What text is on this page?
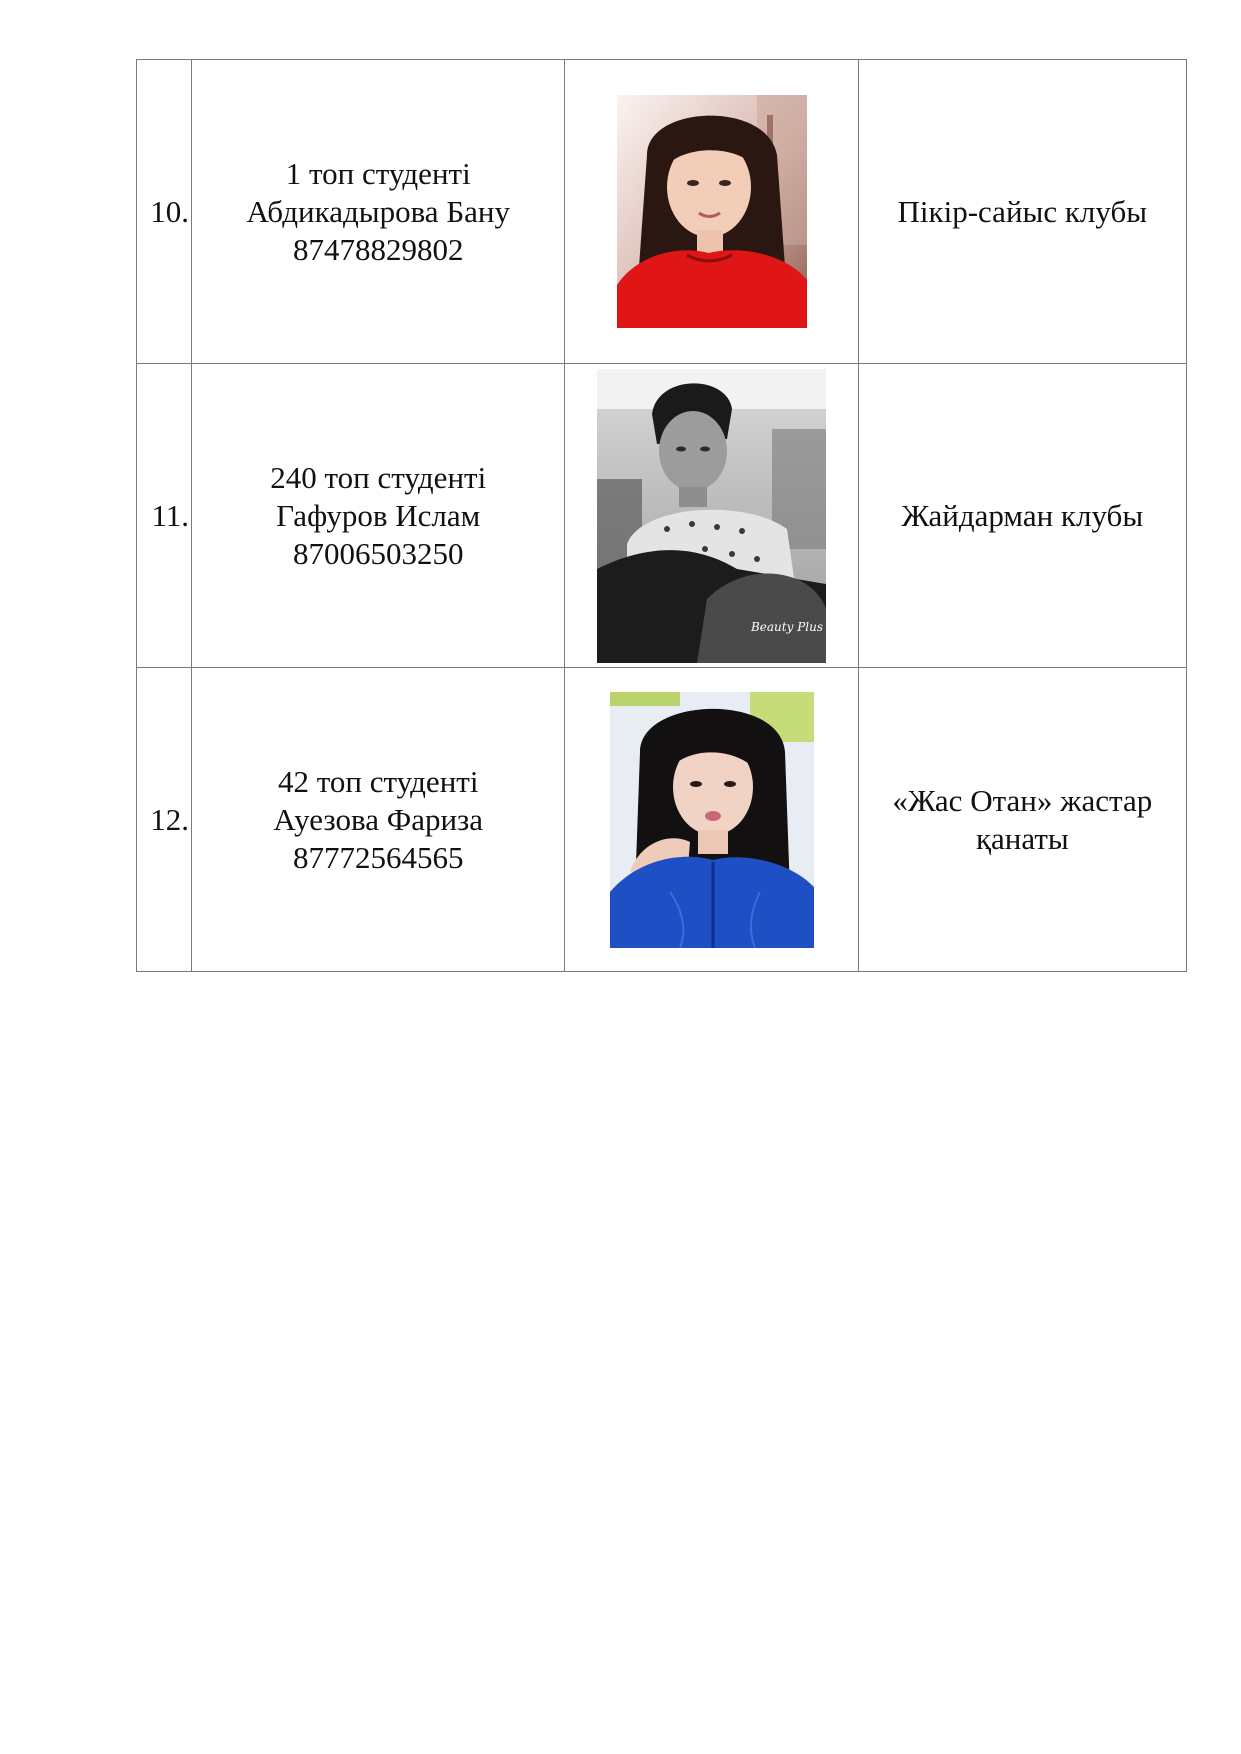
10.	1 топ студенті
Абдикадырова Бану
87478829802		Пікір-сайыс клубы

11.	240 топ студенті
Гафуров Ислам
87006503250	Beauty Plus	Жайдарман клубы

12.	42 топ студенті
Ауезова Фариза
87772564565		«Жас Отан» жастар қанаты
